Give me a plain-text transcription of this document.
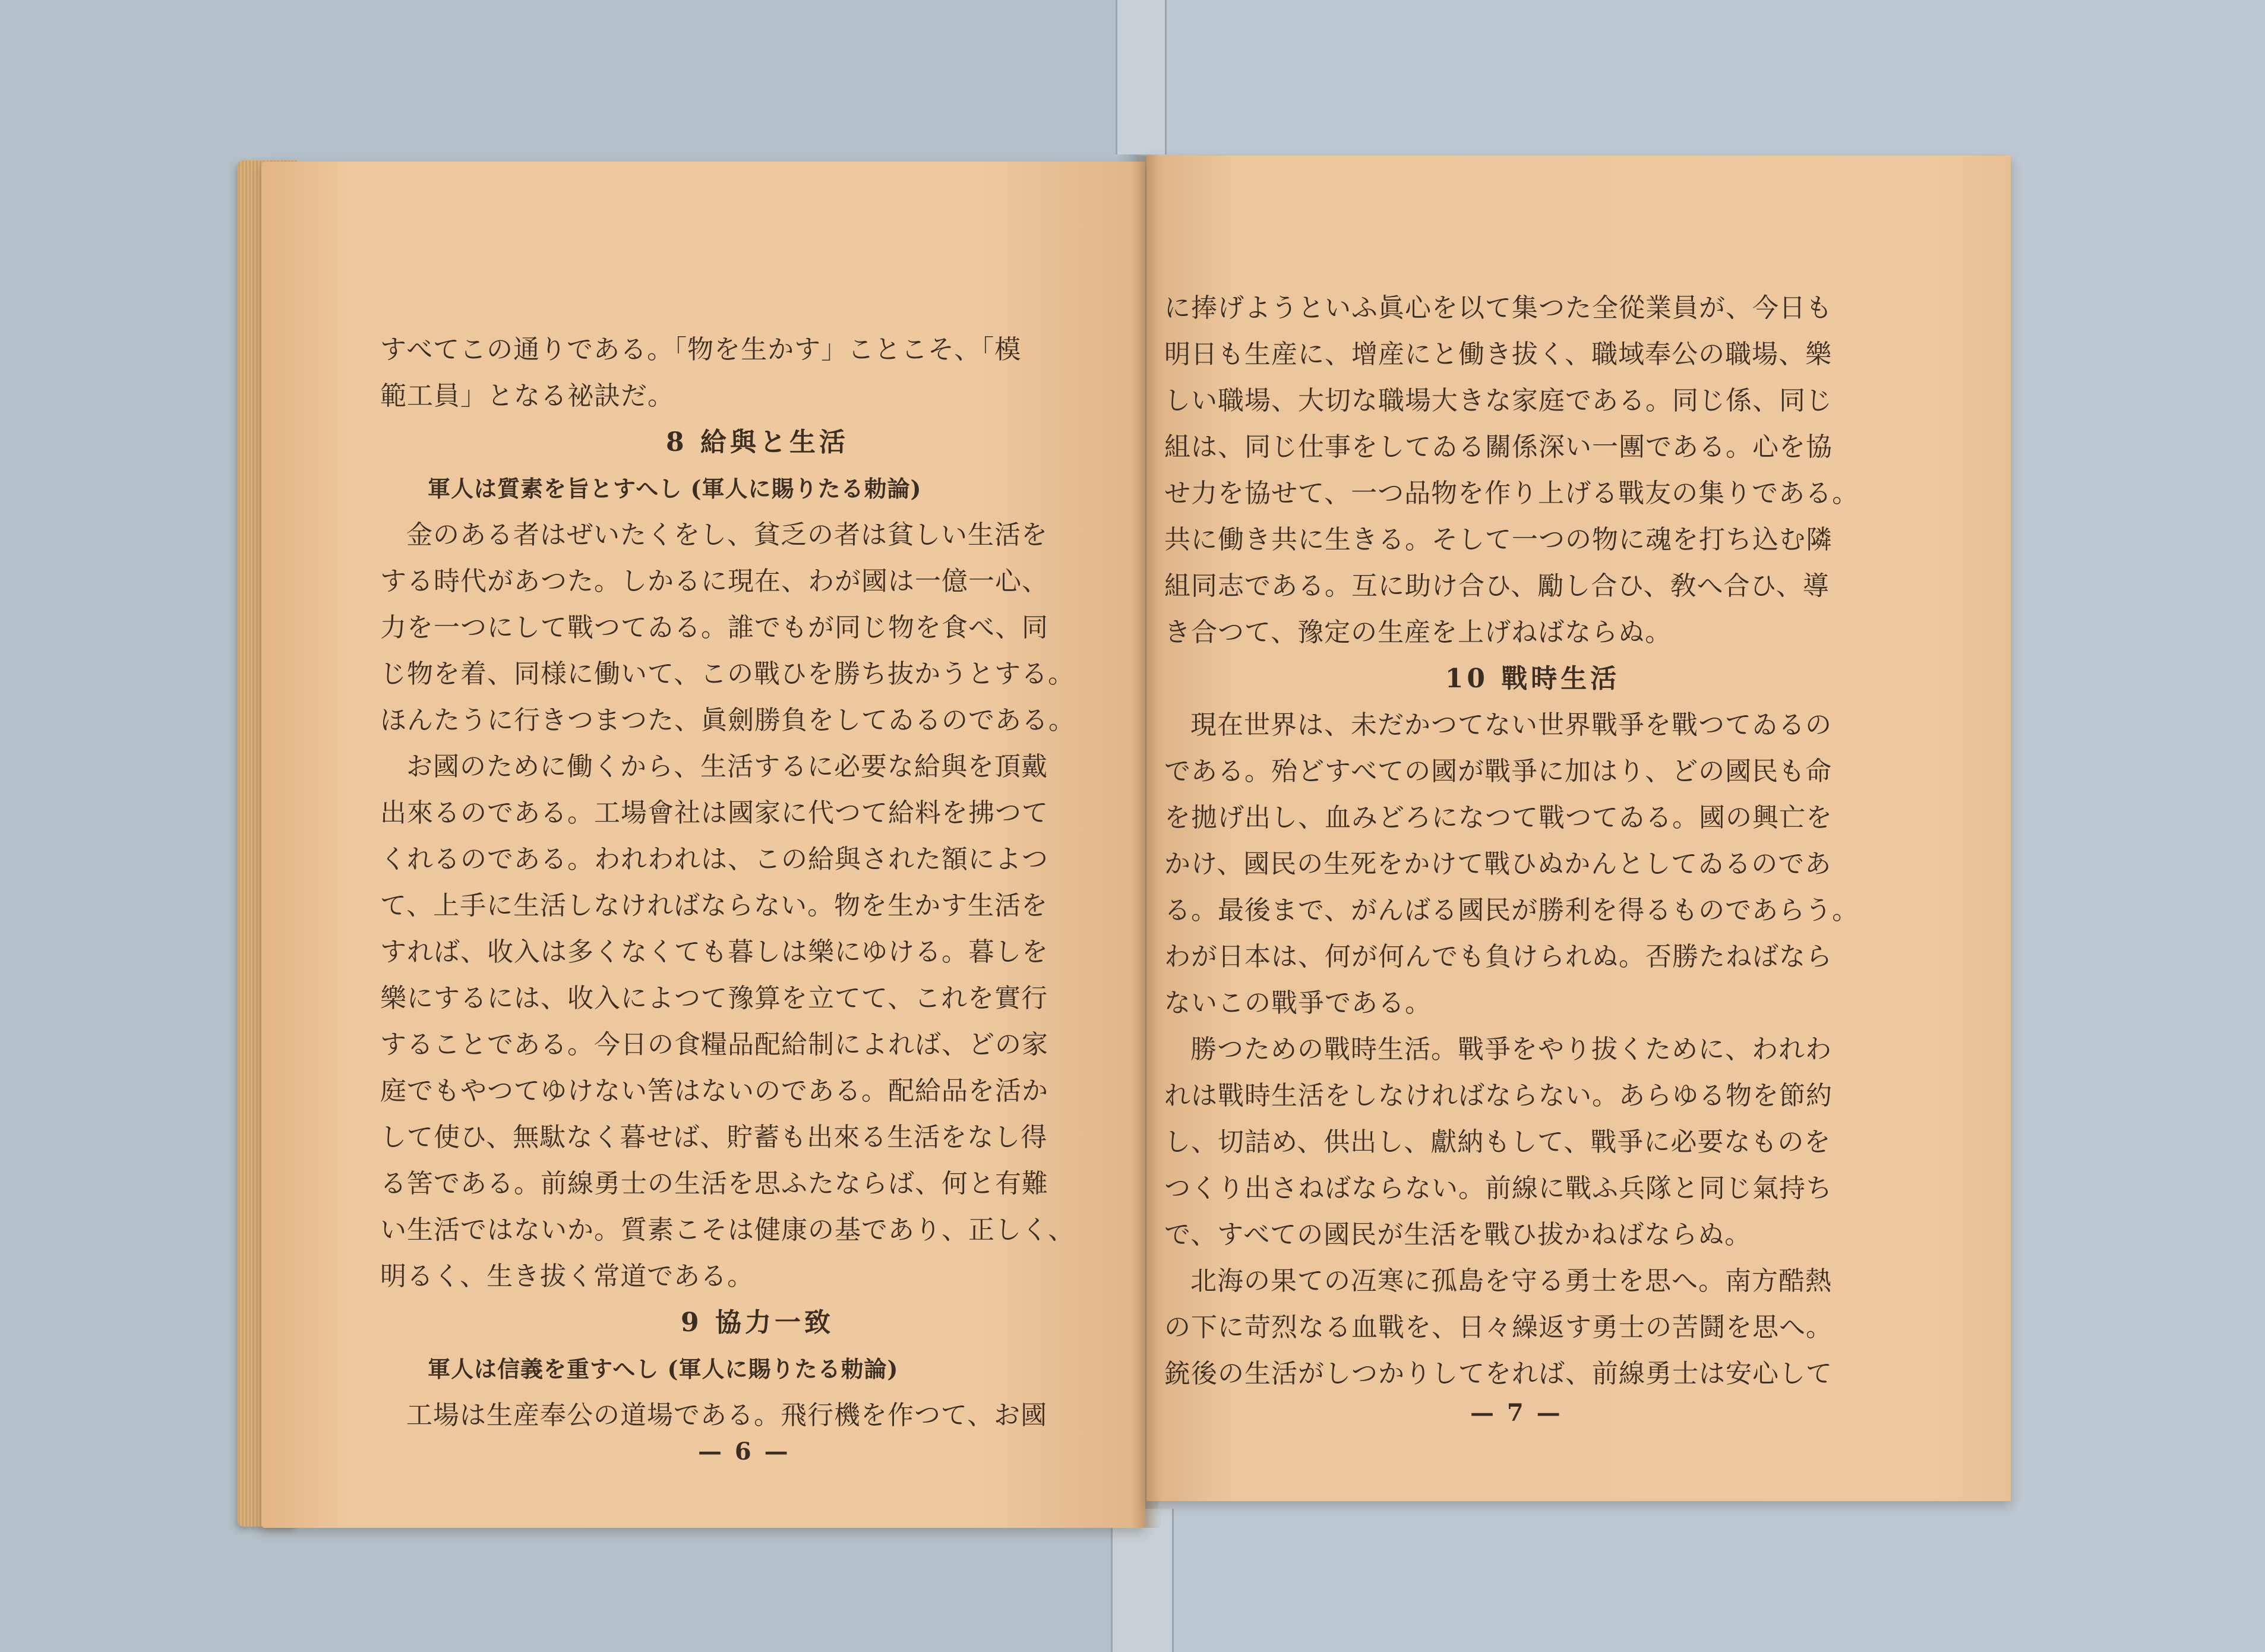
すべてこの通りである。「物を生かす」ことこそ、「模
範工員」となる祕訣だ。
8 給與と生活
軍人は質素を旨とすへし (軍人に賜りたる勅論)
金のある者はぜいたくをし、貧乏の者は貧しい生活を
する時代があつた。しかるに現在、わが國は一億一心、
力を一つにして戰つてゐる。誰でもが同じ物を食べ、同
じ物を着、同様に働いて、この戰ひを勝ち抜かうとする。
ほんたうに行きつまつた、眞劍勝負をしてゐるのである。
お國のために働くから、生活するに必要な給與を頂戴
出來るのである。工場會社は國家に代つて給料を拂つて
くれるのである。われわれは、この給與された額によつ
て、上手に生活しなければならない。物を生かす生活を
すれば、收入は多くなくても暮しは樂にゆける。暮しを
樂にするには、收入によつて豫算を立てて、これを實行
することである。今日の食糧品配給制によれば、どの家
庭でもやつてゆけない筈はないのである。配給品を活か
して使ひ、無駄なく暮せば、貯蓄も出來る生活をなし得
る筈である。前線勇士の生活を思ふたならば、何と有難
い生活ではないか。質素こそは健康の基であり、正しく、
明るく、生き拔く常道である。
9 協力一致
軍人は信義を重すへし (軍人に賜りたる勅論)
工場は生産奉公の道場である。飛行機を作つて、お國
— 6 —
に捧げようといふ眞心を以て集つた全從業員が、今日も
明日も生産に、增産にと働き拔く、職域奉公の職場、樂
しい職場、大切な職場大きな家庭である。同じ係、同じ
組は、同じ仕事をしてゐる關係深い一團である。心を協
せ力を協せて、一つ品物を作り上げる戰友の集りである。
共に働き共に生きる。そして一つの物に魂を打ち込む隣
組同志である。互に助け合ひ、勵し合ひ、敎へ合ひ、導
き合つて、豫定の生産を上げねばならぬ。
10 戰時生活
現在世界は、未だかつてない世界戰爭を戰つてゐるの
である。殆どすべての國が戰爭に加はり、どの國民も命
を拋げ出し、血みどろになつて戰つてゐる。國の興亡を
かけ、國民の生死をかけて戰ひぬかんとしてゐるのであ
る。最後まで、がんばる國民が勝利を得るものであらう。
わが日本は、何が何んでも負けられぬ。否勝たねばなら
ないこの戰爭である。
勝つための戰時生活。戰爭をやり拔くために、われわ
れは戰時生活をしなければならない。あらゆる物を節約
し、切詰め、供出し、獻納もして、戰爭に必要なものを
つくり出さねばならない。前線に戰ふ兵隊と同じ氣持ち
で、すべての國民が生活を戰ひ拔かねばならぬ。
北海の果ての冱寒に孤島を守る勇士を思へ。南方酷熱
の下に苛烈なる血戰を、日々繰返す勇士の苦鬪を思へ。
銃後の生活がしつかりしてをれば、前線勇士は安心して
— 7 —
